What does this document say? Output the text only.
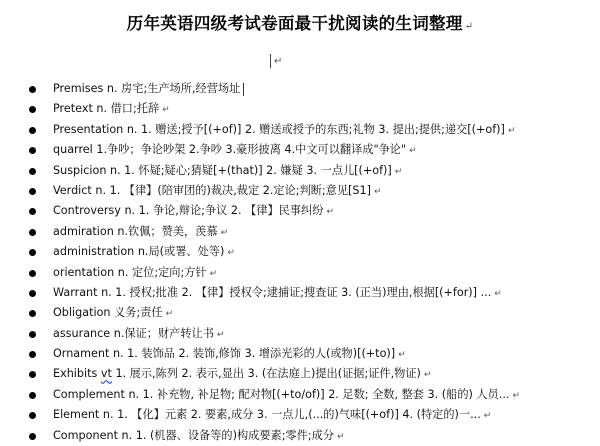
历年英语四级考试卷面最干扰阅读的生词整理 ↵
↵
Premises n. 房宅;生产场所,经营场址
Pretext n. 借口;托辞 ↵
Presentation n. 1. 赠送;授予[(+of)] 2. 赠送或授予的东西;礼物 3. 提出;提供;递交[(+of)] ↵
quarrel 1.争吵；争论吵架 2.争吵 3.豪形披离 4.中文可以翻译成"争论" ↵
Suspicion n. 1. 怀疑;疑心;猜疑[+(that)] 2. 嫌疑 3. 一点儿[(+of)] ↵
Verdict n. 1. 【律】(陪审团的)裁决,裁定 2.定论;判断;意见[S1] ↵
Controversy n. 1. 争论,辩论;争议 2. 【律】民事纠纷 ↵
admiration n.钦佩；赞美，羡慕 ↵
administration n.局(或署、处等) ↵
orientation n. 定位;定向;方针 ↵
Warrant n. 1. 授权;批准 2. 【律】授权令;逮捕证;搜查证 3. (正当)理由,根据[(+for)] ... ↵
Obligation 义务;责任 ↵
assurance n.保证；财产转让书 ↵
Ornament n. 1. 装饰品 2. 装饰,修饰 3. 增添光彩的人(或物)[(+to)] ↵
Exhibits vt 1. 展示,陈列 2. 表示,显出 3. (在法庭上)提出(证据;证件,物证) ↵
Complement n. 1. 补充物, 补足物; 配对物[(+to/of)] 2. 足数; 全数, 整套 3. (船的) 人员... ↵
Element n. 1. 【化】元素 2. 要素,成分 3. 一点儿,(...的)气味[(+of)] 4. (特定的)一... ↵
Component n. 1. (机器、设备等的)构成要素;零件;成分 ↵
